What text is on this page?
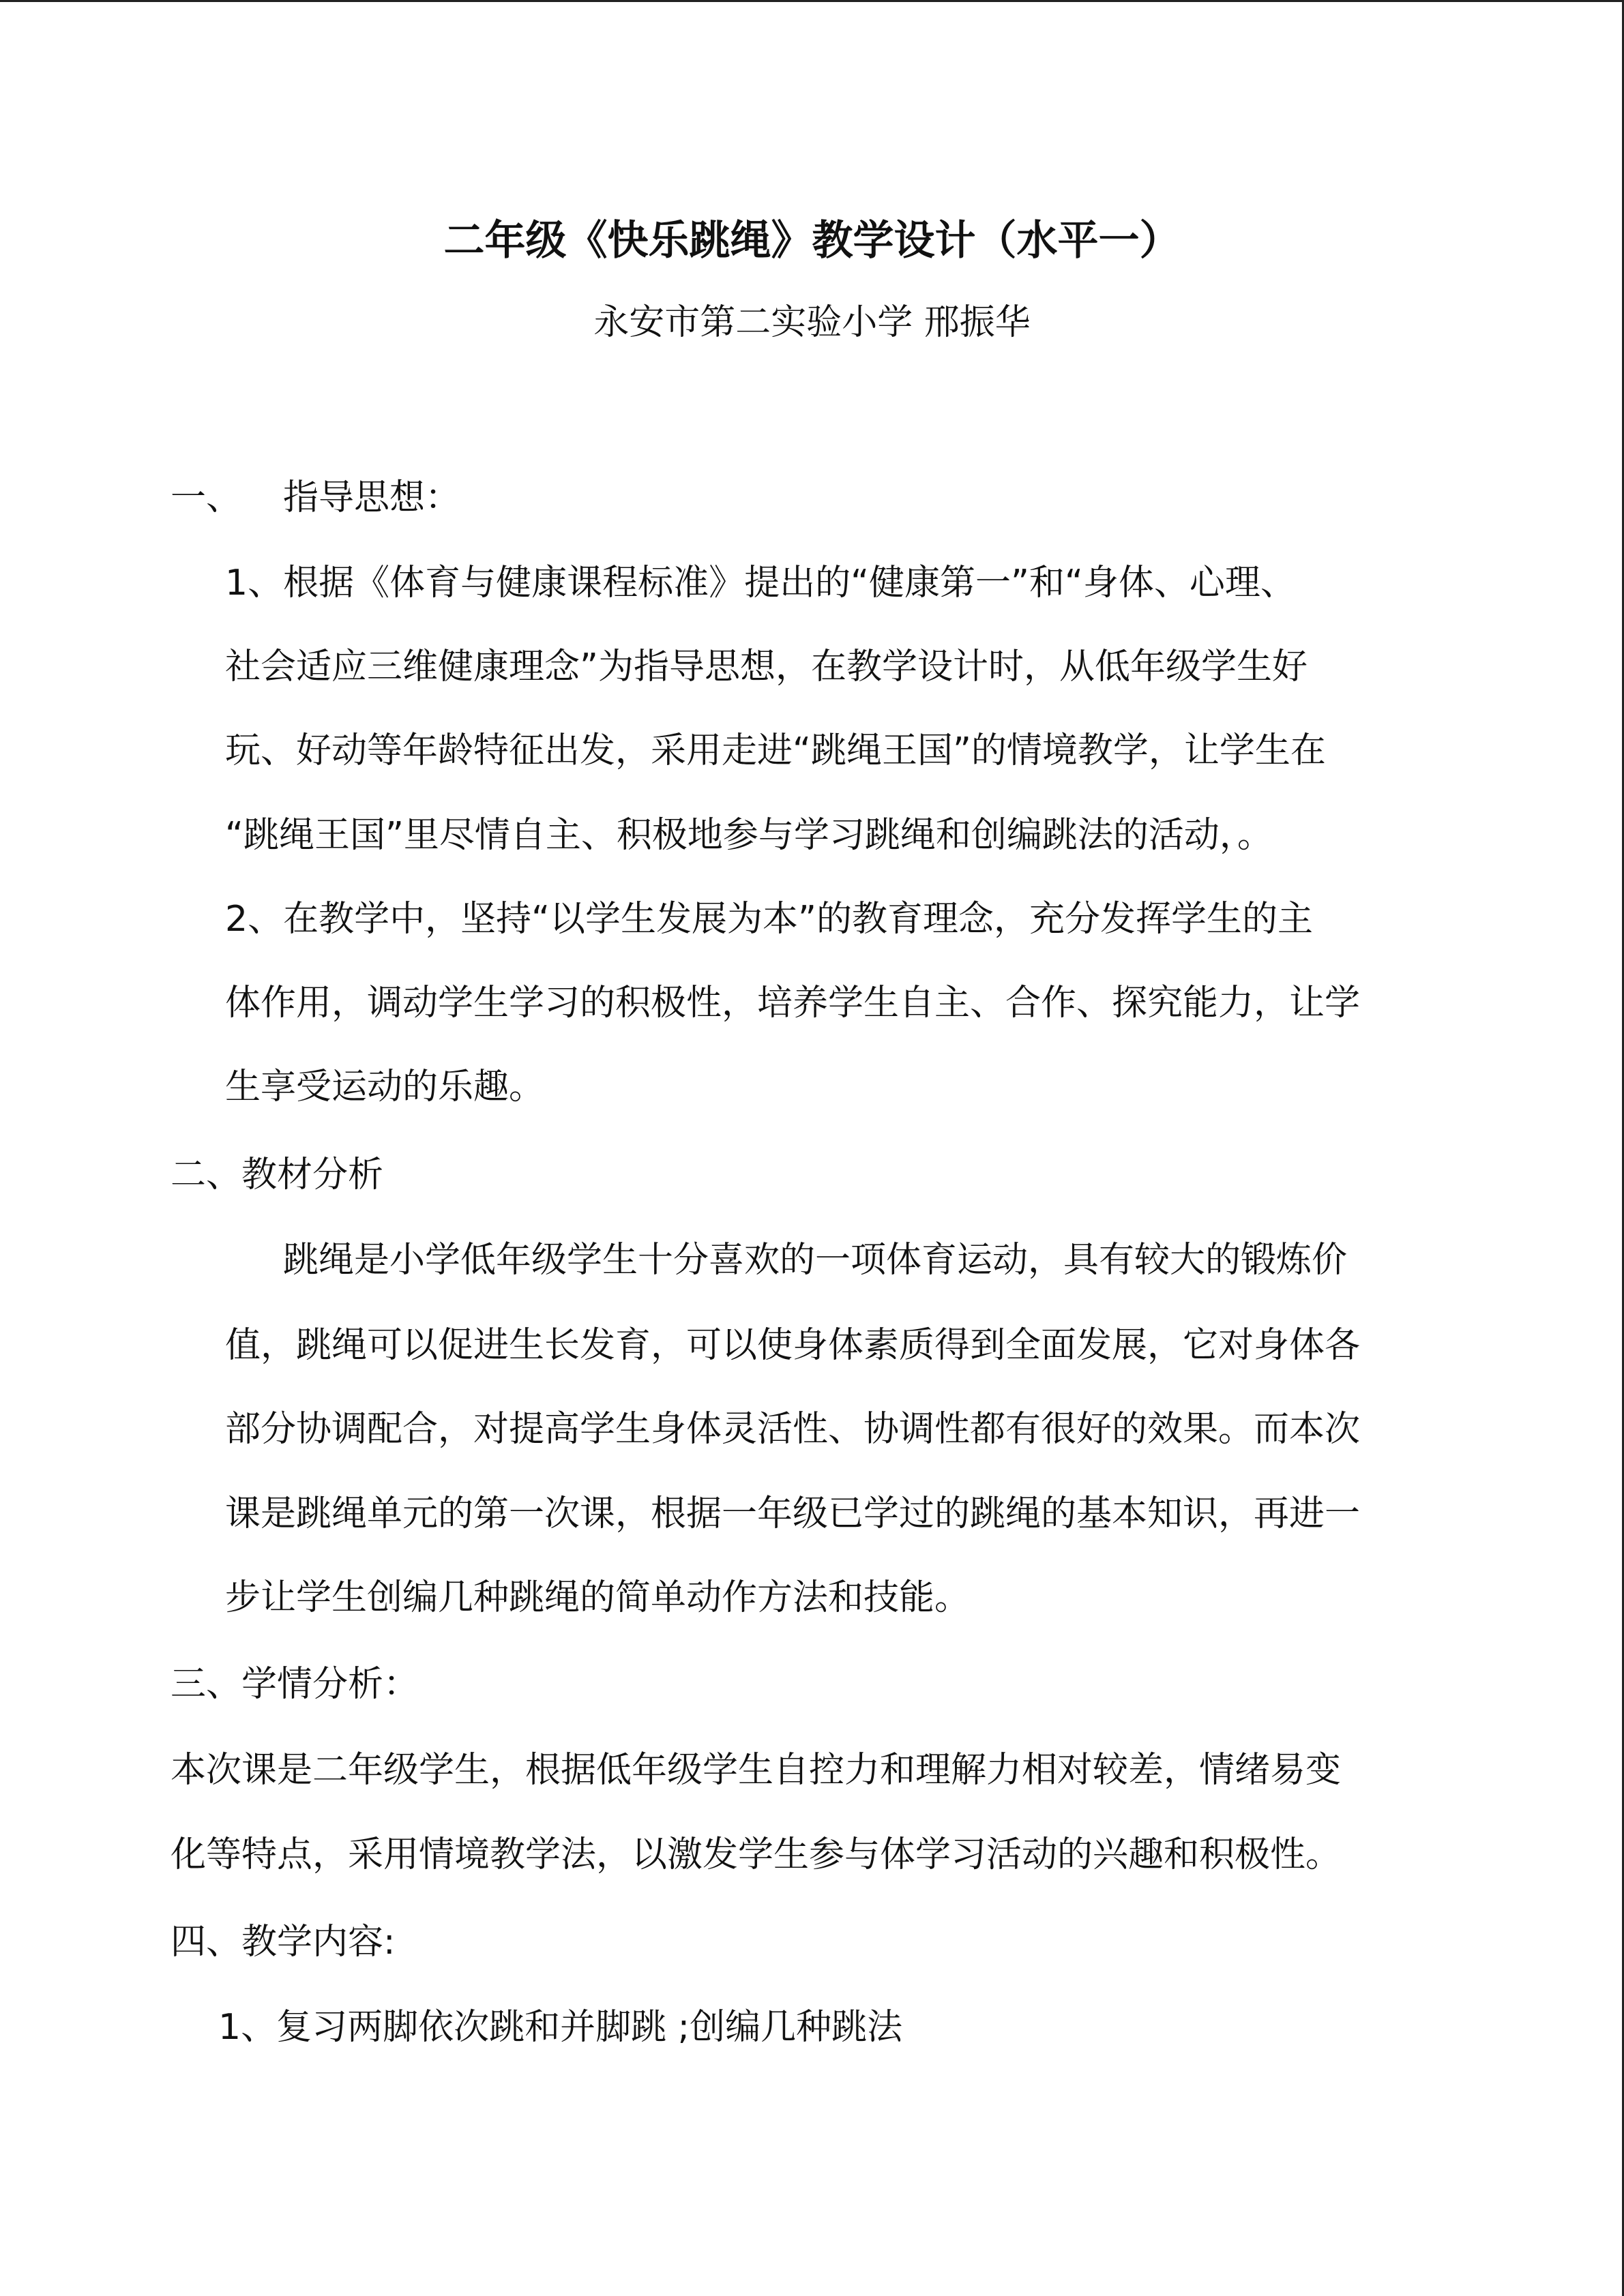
二年级《快乐跳绳》教学设计（水平一）
永安市第二实验小学 邢振华

一、 指导思想：

1、根据《体育与健康课程标准》提出的“健康第一”和“身体、心理、

社会适应三维健康理念”为指导思想，在教学设计时，从低年级学生好

玩、好动等年龄特征出发，采用走进“跳绳王国”的情境教学，让学生在

“跳绳王国”里尽情自主、积极地参与学习跳绳和创编跳法的活动，。

2、在教学中，坚持“以学生发展为本”的教育理念，充分发挥学生的主

体作用，调动学生学习的积极性，培养学生自主、合作、探究能力，让学

生享受运动的乐趣。

二、教材分析

跳绳是小学低年级学生十分喜欢的一项体育运动，具有较大的锻炼价

值，跳绳可以促进生长发育，可以使身体素质得到全面发展，它对身体各

部分协调配合，对提高学生身体灵活性、协调性都有很好的效果。而本次

课是跳绳单元的第一次课，根据一年级已学过的跳绳的基本知识，再进一

步让学生创编几种跳绳的简单动作方法和技能。

三、学情分析：

本次课是二年级学生，根据低年级学生自控力和理解力相对较差，情绪易变

化等特点，采用情境教学法，以激发学生参与体学习活动的兴趣和积极性。

四、教学内容:

1、复习两脚依次跳和并脚跳 ;创编几种跳法
